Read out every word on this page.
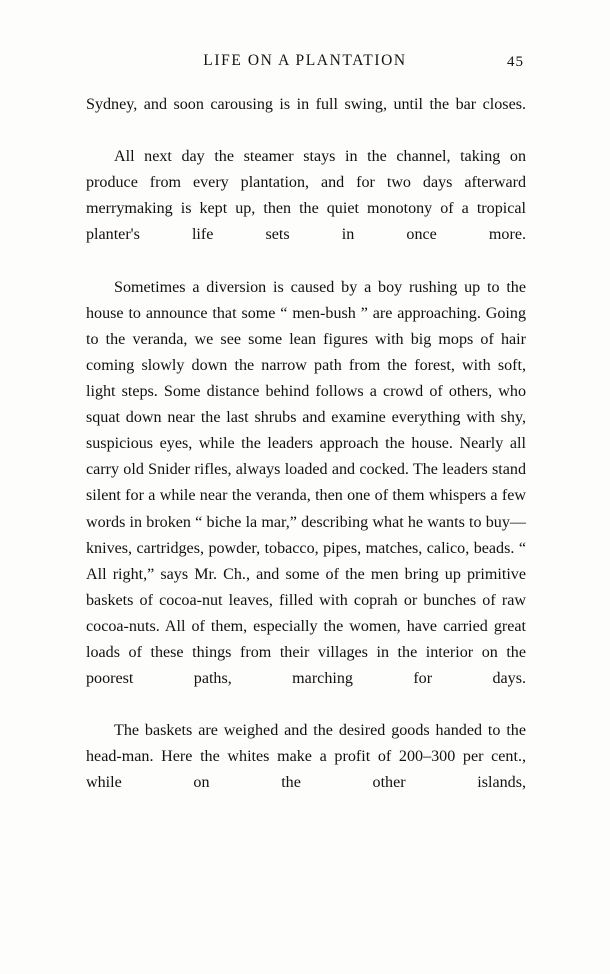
LIFE ON A PLANTATION	45

Sydney, and soon carousing is in full swing, until the bar closes.

All next day the steamer stays in the channel, taking on produce from every plantation, and for two days afterward merrymaking is kept up, then the quiet monotony of a tropical planter's life sets in once more.

Sometimes a diversion is caused by a boy rushing up to the house to announce that some “ men-bush ” are approaching. Going to the veranda, we see some lean figures with big mops of hair coming slowly down the narrow path from the forest, with soft, light steps. Some distance behind follows a crowd of others, who squat down near the last shrubs and examine everything with shy, suspicious eyes, while the leaders approach the house. Nearly all carry old Snider rifles, always loaded and cocked. The leaders stand silent for a while near the veranda, then one of them whispers a few words in broken “ biche la mar,” describing what he wants to buy— knives, cartridges, powder, tobacco, pipes, matches, calico, beads. “ All right,” says Mr. Ch., and some of the men bring up primitive baskets of cocoa-nut leaves, filled with coprah or bunches of raw cocoa-nuts. All of them, especially the women, have carried great loads of these things from their villages in the interior on the poorest paths, marching for days.

The baskets are weighed and the desired goods handed to the head-man. Here the whites make a profit of 200–300 per cent., while on the other islands,
